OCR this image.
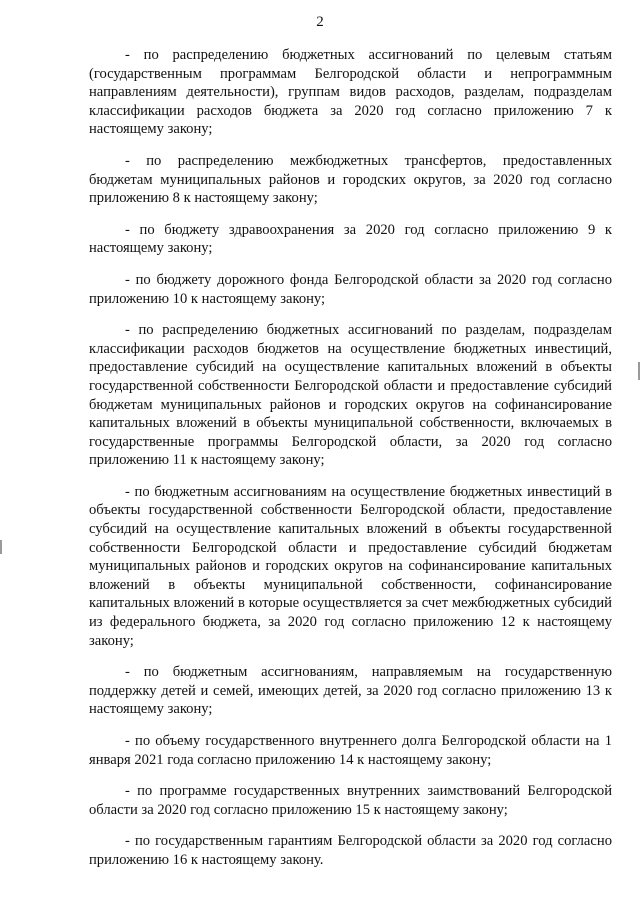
2

- по распределению бюджетных ассигнований по целевым статьям (государственным программам Белгородской области и непрограммным направлениям деятельности), группам видов расходов, разделам, подразделам классификации расходов бюджета за 2020 год согласно приложению 7 к настоящему закону;

- по распределению межбюджетных трансфертов, предоставленных бюджетам муниципальных районов и городских округов, за 2020 год согласно приложению 8 к настоящему закону;

- по бюджету здравоохранения за 2020 год согласно приложению 9 к настоящему закону;

- по бюджету дорожного фонда Белгородской области за 2020 год согласно приложению 10 к настоящему закону;

- по распределению бюджетных ассигнований по разделам, подразделам классификации расходов бюджетов на осуществление бюджетных инвестиций, предоставление субсидий на осуществление капитальных вложений в объекты государственной собственности Белгородской области и предоставление субсидий бюджетам муниципальных районов и городских округов на софинансирование капитальных вложений в объекты муниципальной собственности, включаемых в государственные программы Белгородской области, за 2020 год согласно приложению 11 к настоящему закону;

- по бюджетным ассигнованиям на осуществление бюджетных инвестиций в объекты государственной собственности Белгородской области, предоставление субсидий на осуществление капитальных вложений в объекты государственной собственности Белгородской области и предоставление субсидий бюджетам муниципальных районов и городских округов на софинансирование капитальных вложений в объекты муниципальной собственности, софинансирование капитальных вложений в которые осуществляется за счет межбюджетных субсидий из федерального бюджета, за 2020 год согласно приложению 12 к настоящему закону;

- по бюджетным ассигнованиям, направляемым на государственную поддержку детей и семей, имеющих детей, за 2020 год согласно приложению 13 к настоящему закону;

- по объему государственного внутреннего долга Белгородской области на 1 января 2021 года согласно приложению 14 к настоящему закону;

- по программе государственных внутренних заимствований Белгородской области за 2020 год согласно приложению 15 к настоящему закону;

- по государственным гарантиям Белгородской области за 2020 год согласно приложению 16 к настоящему закону.
